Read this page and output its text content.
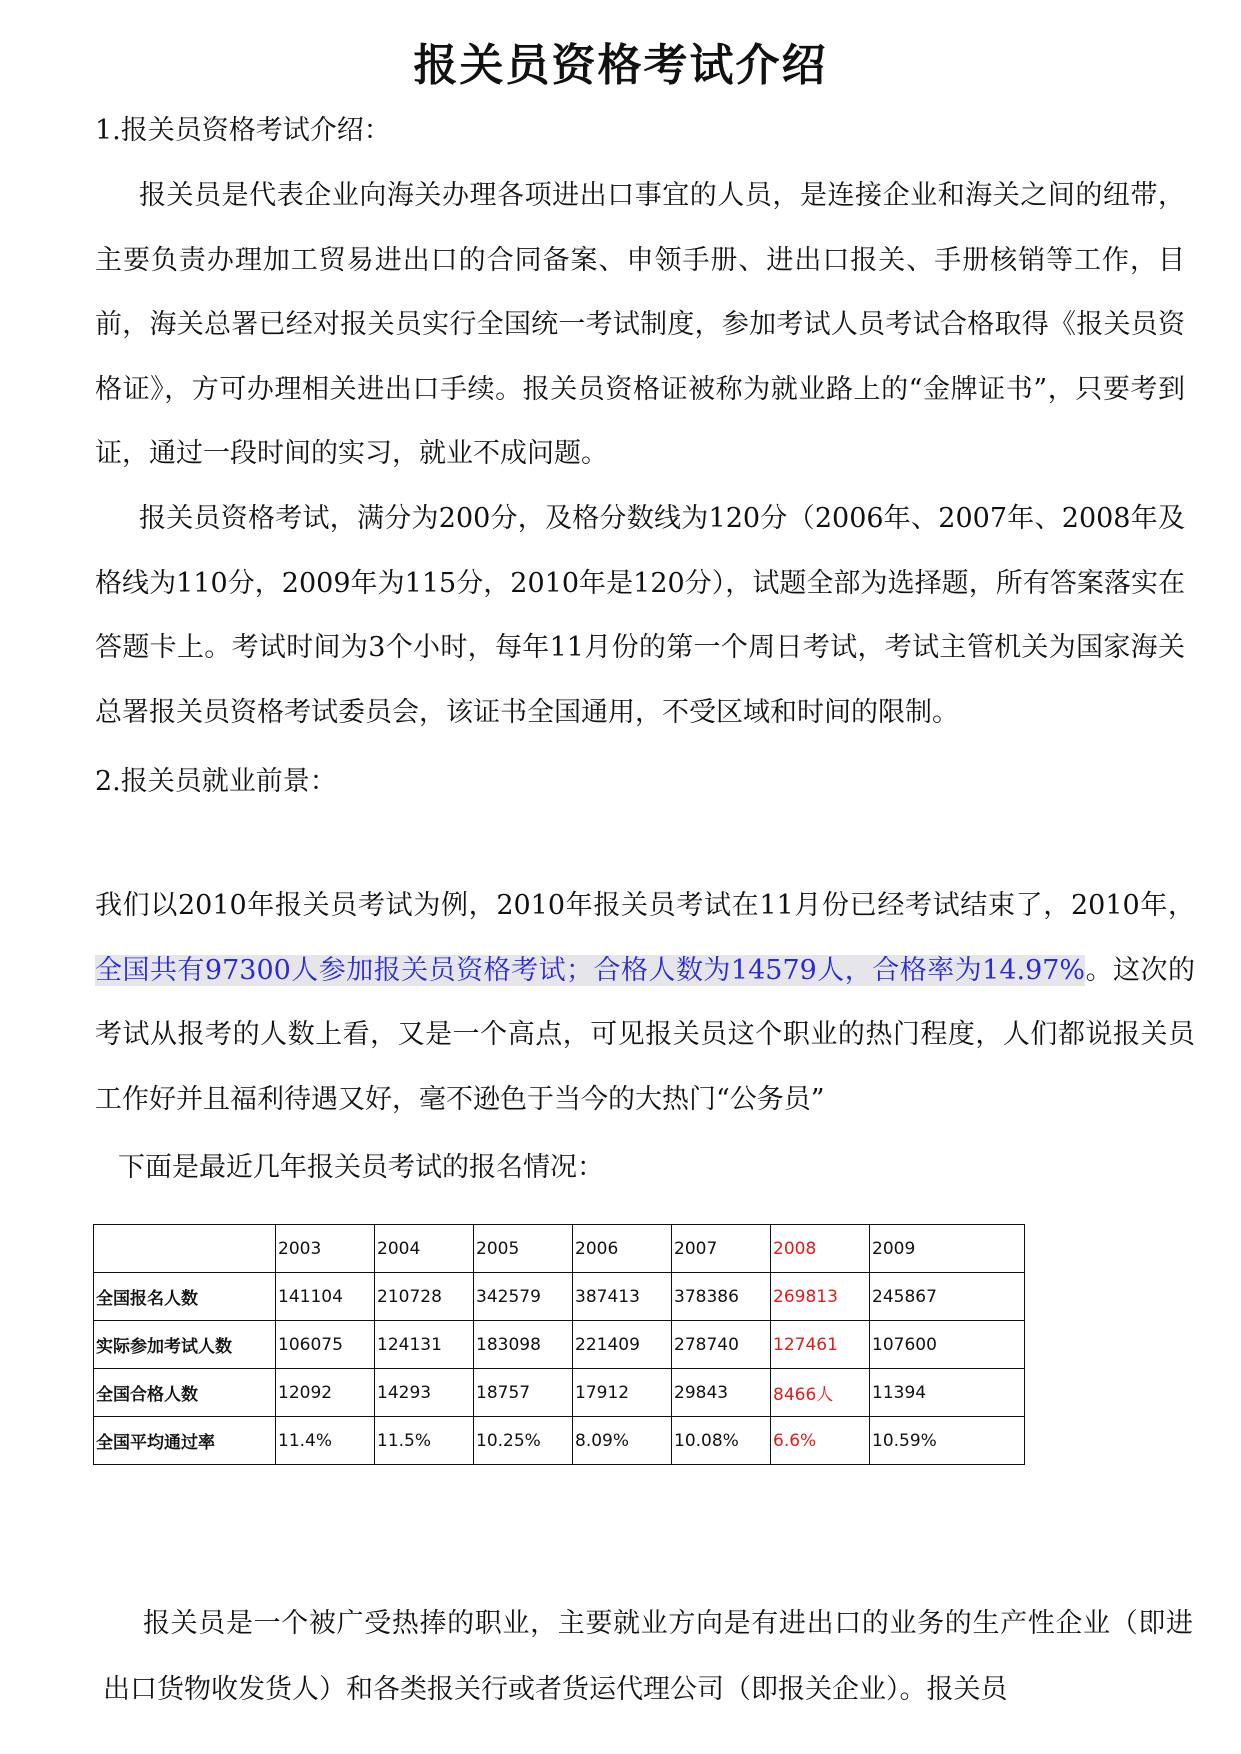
报关员资格考试介绍
1.报关员资格考试介绍：
报关员是代表企业向海关办理各项进出口事宜的人员，是连接企业和海关之间的纽带，主要负责办理加工贸易进出口的合同备案、申领手册、进出口报关、手册核销等工作，目前，海关总署已经对报关员实行全国统一考试制度，参加考试人员考试合格取得《报关员资格证》，方可办理相关进出口手续。报关员资格证被称为就业路上的“金牌证书”，只要考到证，通过一段时间的实习，就业不成问题。
报关员资格考试，满分为200分，及格分数线为120分（2006年、2007年、2008年及格线为110分，2009年为115分，2010年是120分），试题全部为选择题，所有答案落实在答题卡上。考试时间为3个小时，每年11月份的第一个周日考试，考试主管机关为国家海关总署报关员资格考试委员会，该证书全国通用，不受区域和时间的限制。
2.报关员就业前景：
我们以2010年报关员考试为例，2010年报关员考试在11月份已经考试结束了，2010年，全国共有97300人参加报关员资格考试；合格人数为14579人，合格率为14.97%。这次的考试从报考的人数上看，又是一个高点，可见报关员这个职业的热门程度，人们都说报关员工作好并且福利待遇又好，毫不逊色于当今的大热门“公务员”
下面是最近几年报关员考试的报名情况：
	2003	2004	2005	2006	2007	2008	2009
全国报名人数	141104	210728	342579	387413	378386	269813	245867
实际参加考试人数	106075	124131	183098	221409	278740	127461	107600
全国合格人数	12092	14293	18757	17912	29843	8466人	11394
全国平均通过率	11.4%	11.5%	10.25%	8.09%	10.08%	6.6%	10.59%
报关员是一个被广受热捧的职业，主要就业方向是有进出口的业务的生产性企业（即进出口货物收发货人）和各类报关行或者货运代理公司（即报关企业）。报关员
